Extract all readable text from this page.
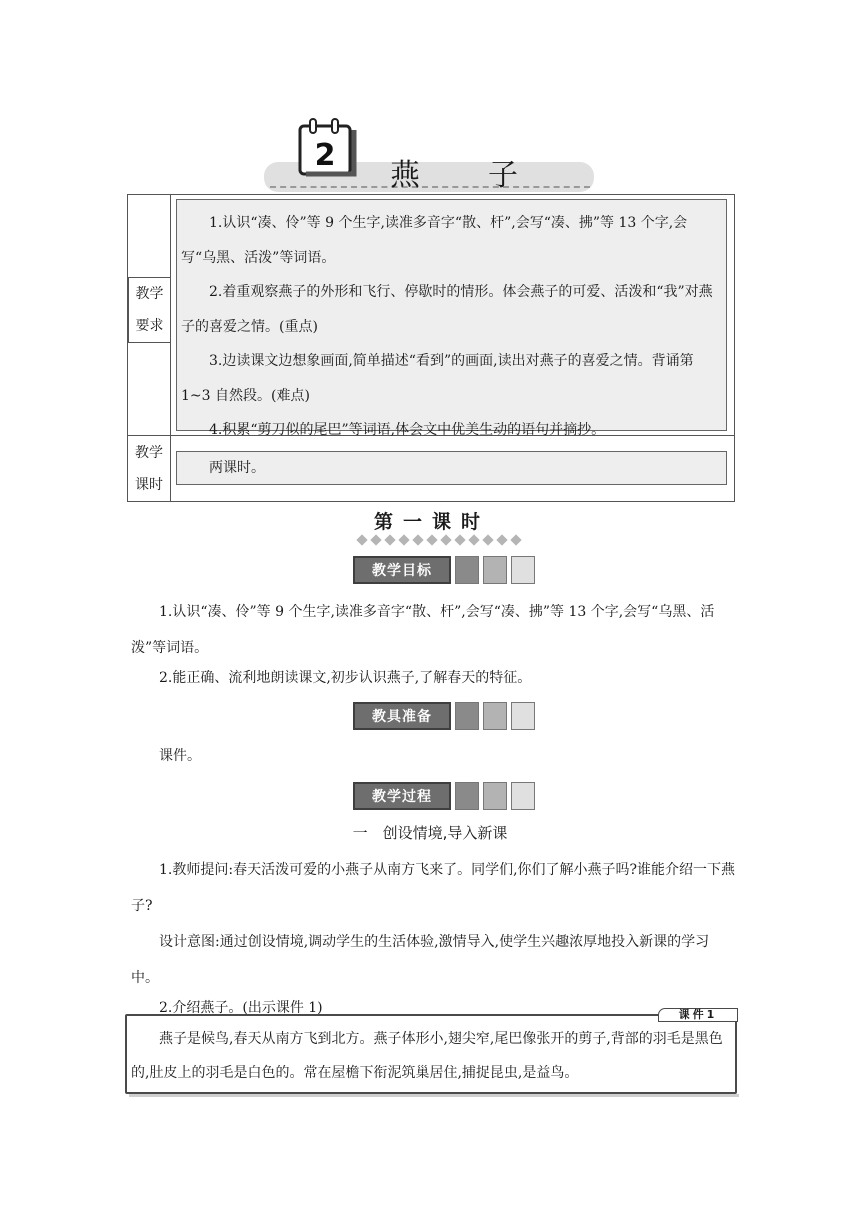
2
燕 子
教学
要求

1.认识“凑、伶”等 9 个生字,读准多音字“散、杆”,会写“凑、拂”等 13 个字,会写“乌黑、活泼”等词语。

2.着重观察燕子的外形和飞行、停歇时的情形。体会燕子的可爱、活泼和“我”对燕子的喜爱之情。(重点)

3.边读课文边想象画面,简单描述“看到”的画面,读出对燕子的喜爱之情。背诵第 1~3 自然段。(难点)

4.积累“剪刀似的尾巴”等词语,体会文中优美生动的语句并摘抄。

教学
课时
两课时。
第一课时
教学目标
1.认识“凑、伶”等 9 个生字,读准多音字“散、杆”,会写“凑、拂”等 13 个字,会写“乌黑、活泼”等词语。
2.能正确、流利地朗读课文,初步认识燕子,了解春天的特征。
教具准备
课件。
教学过程
一　创设情境,导入新课
1.教师提问:春天活泼可爱的小燕子从南方飞来了。同学们,你们了解小燕子吗?谁能介绍一下燕子?
设计意图:通过创设情境,调动学生的生活体验,激情导入,使学生兴趣浓厚地投入新课的学习中。
2.介绍燕子。(出示课件 1)

燕子是候鸟,春天从南方飞到北方。燕子体形小,翅尖窄,尾巴像张开的剪子,背部的羽毛是黑色的,肚皮上的羽毛是白色的。常在屋檐下衔泥筑巢居住,捕捉昆虫,是益鸟。

课件1
